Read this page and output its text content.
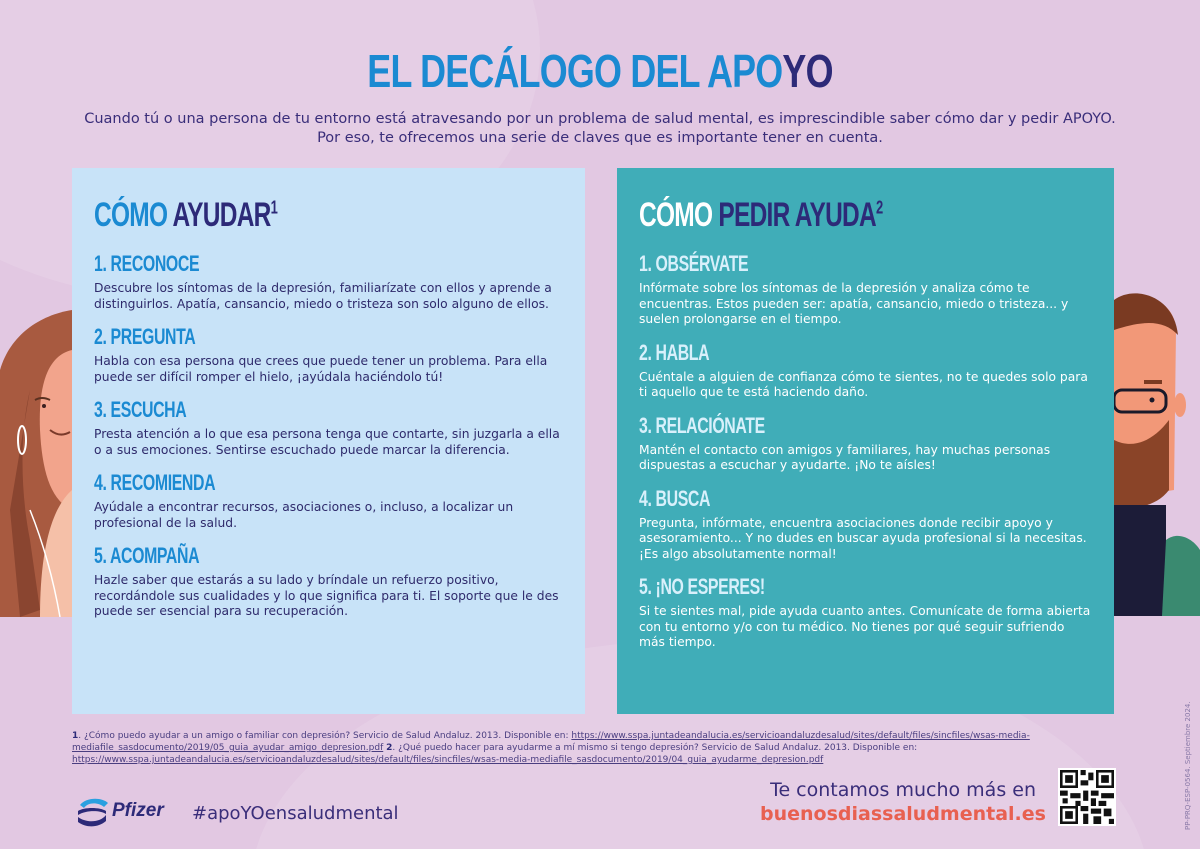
EL DECÁLOGO DEL APOYO
Cuando tú o una persona de tu entorno está atravesando por un problema de salud mental, es imprescindible saber cómo dar y pedir APOYO.
Por eso, te ofrecemos una serie de claves que es importante tener en cuenta.
CÓMO AYUDAR$^1$
1. RECONOCE

Descubre los síntomas de la depresión, familiarízate con ellos y aprende a distinguirlos. Apatía, cansancio, miedo o tristeza son solo alguno de ellos.

2. PREGUNTA

Habla con esa persona que crees que puede tener un problema. Para ella puede ser difícil romper el hielo, ¡ayúdala haciéndolo tú!

3. ESCUCHA

Presta atención a lo que esa persona tenga que contarte, sin juzgarla a ella o a sus emociones. Sentirse escuchado puede marcar la diferencia.

4. RECOMIENDA

Ayúdale a encontrar recursos, asociaciones o, incluso, a localizar un profesional de la salud.

5. ACOMPAÑA

Hazle saber que estarás a su lado y bríndale un refuerzo positivo, recordándole sus cualidades y lo que significa para ti. El soporte que le des puede ser esencial para su recuperación.

CÓMO PEDIR AYUDA$^2$
1. OBSÉRVATE

Infórmate sobre los síntomas de la depresión y analiza cómo te encuentras. Estos pueden ser: apatía, cansancio, miedo o tristeza... y suelen prolongarse en el tiempo.

2. HABLA

Cuéntale a alguien de confianza cómo te sientes, no te quedes solo para ti aquello que te está haciendo daño.

3. RELACIÓNATE

Mantén el contacto con amigos y familiares, hay muchas personas dispuestas a escuchar y ayudarte. ¡No te aísles!

4. BUSCA

Pregunta, infórmate, encuentra asociaciones donde recibir apoyo y asesoramiento... Y no dudes en buscar ayuda profesional si la necesitas. ¡Es algo absolutamente normal!

5. ¡NO ESPERES!

Si te sientes mal, pide ayuda cuanto antes. Comunícate de forma abierta con tu entorno y/o con tu médico. No tienes por qué seguir sufriendo más tiempo.

1. ¿Cómo puedo ayudar a un amigo o familiar con depresión? Servicio de Salud Andaluz. 2013. Disponible en: https://www.sspa.juntadeandalucia.es/servicioandaluzdesalud/sites/default/files/sincfiles/wsas-media-mediafile_sasdocumento/2019/05_guia_ayudar_amigo_depresion.pdf 2. ¿Qué puedo hacer para ayudarme a mí mismo si tengo depresión? Servicio de Salud Andaluz. 2013. Disponible en: https://www.sspa.juntadeandalucia.es/servicioandaluzdesalud/sites/default/files/sincfiles/wsas-media-mediafile_sasdocumento/2019/04_guia_ayudarme_depresion.pdf
Pfizer #apoYOensaludmental
Te contamos mucho más en
buenosdiassaludmental.es	PP-PRQ-ESP-0564. Septiembre 2024.
